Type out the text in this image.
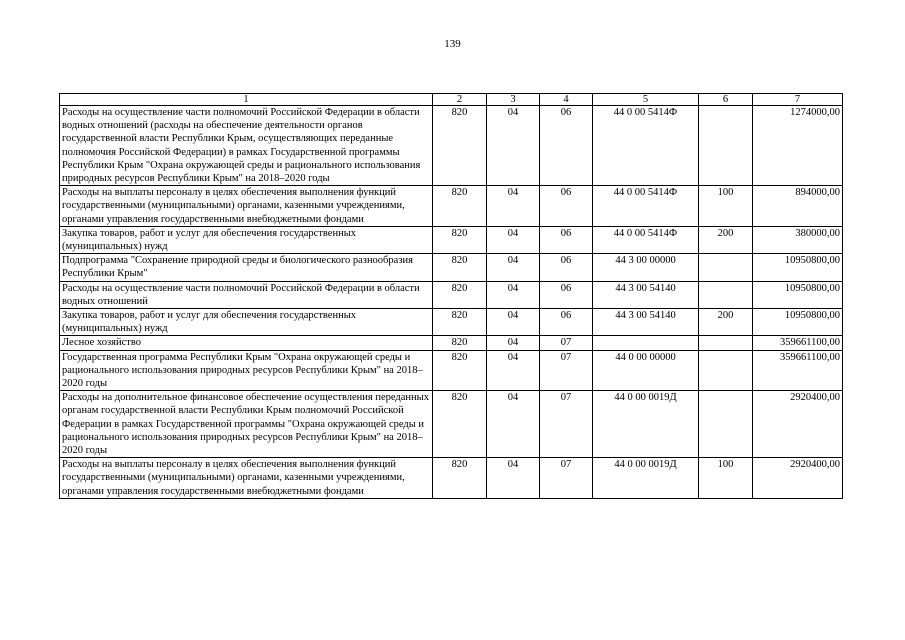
139
1	2	3	4	5	6	7
Расходы на осуществление части полномочий Российской Федерации в области водных отношений (расходы на обеспечение деятельности органов государственной власти Республики Крым, осуществляющих переданные полномочия Российской Федерации) в рамках Государственной программы Республики Крым "Охрана окружающей среды и рационального использования природных ресурсов Республики Крым" на 2018–2020 годы	820	04	06	44 0 00 5414Ф		1274000,00
Расходы на выплаты персоналу в целях обеспечения выполнения функций государственными (муниципальными) органами, казенными учреждениями, органами управления государственными внебюджетными фондами	820	04	06	44 0 00 5414Ф	100	894000,00
Закупка товаров, работ и услуг для обеспечения государственных (муниципальных) нужд	820	04	06	44 0 00 5414Ф	200	380000,00
Подпрограмма "Сохранение природной среды и биологического разнообразия Республики Крым"	820	04	06	44 3 00 00000		10950800,00
Расходы на осуществление части полномочий Российской Федерации в области водных отношений	820	04	06	44 3 00 54140		10950800,00
Закупка товаров, работ и услуг для обеспечения государственных (муниципальных) нужд	820	04	06	44 3 00 54140	200	10950800,00
Лесное хозяйство	820	04	07			359661100,00
Государственная программа Республики Крым "Охрана окружающей среды и рационального использования природных ресурсов Республики Крым" на 2018–2020 годы	820	04	07	44 0 00 00000		359661100,00
Расходы на дополнительное финансовое обеспечение осуществления переданных органам государственной власти Республики Крым полномочий Российской Федерации в рамках Государственной программы "Охрана окружающей среды и рационального использования природных ресурсов Республики Крым" на 2018–2020 годы	820	04	07	44 0 00 0019Д		2920400,00
Расходы на выплаты персоналу в целях обеспечения выполнения функций государственными (муниципальными) органами, казенными учреждениями, органами управления государственными внебюджетными фондами	820	04	07	44 0 00 0019Д	100	2920400,00
